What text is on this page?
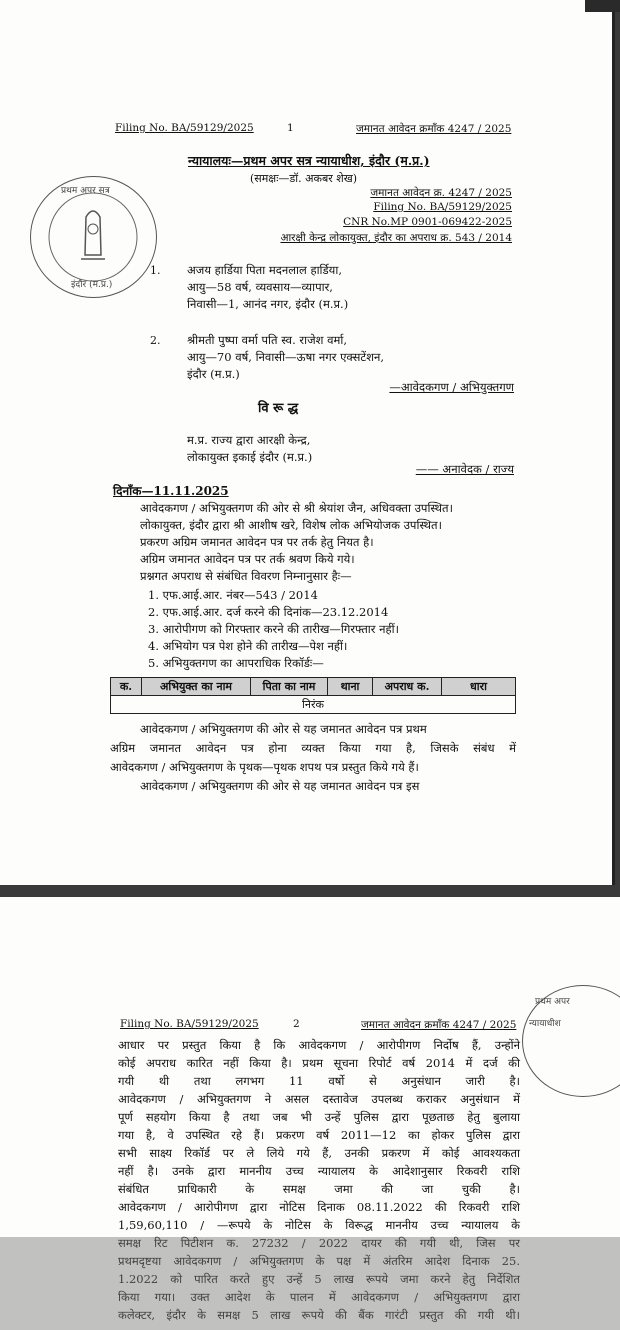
Filing No. BA/59129/2025	1	जमानत आवेदन क्रमाँक 4247 / 2025
न्यायालयः—प्रथम अपर सत्र न्यायाधीश, इंदौर (म.प्र.)
(समक्षः—डॉ. अकबर शेख)
जमानत आवेदन क्र. 4247 / 2025
Filing No. BA/59129/2025
CNR No.MP 0901-069422-2025
आरक्षी केन्द्र लोकायुक्त, इंदौर का अपराध क्र. 543 / 2014
प्रथम अपर सत्र
इंदौर (म.प्र.)
1. अजय हार्डिया पिता मदनलाल हार्डिया,
आयु—58 वर्ष, व्यवसाय—व्यापार,
निवासी—1, आनंद नगर, इंदौर (म.प्र.)
2. श्रीमती पुष्पा वर्मा पति स्व. राजेश वर्मा,
आयु—70 वर्ष, निवासी—ऊषा नगर एक्सटेंशन,
इंदौर (म.प्र.)
—आवेदकगण / अभियुक्तगण
वि रू द्ध
म.प्र. राज्य द्वारा आरक्षी केन्द्र,
लोकायुक्त इकाई इंदौर (म.प्र.)
—— अनावेदक / राज्य
दिनाँक—11.11.2025
आवेदकगण / अभियुक्तगण की ओर से श्री श्रेयांश जैन, अधिवक्ता उपस्थित।
लोकायुक्त, इंदौर द्वारा श्री आशीष खरे, विशेष लोक अभियोजक उपस्थित।
प्रकरण अग्रिम जमानत आवेदन पत्र पर तर्क हेतु नियत है।
अग्रिम जमानत आवेदन पत्र पर तर्क श्रवण किये गये।
प्रश्नगत अपराध से संबंधित विवरण निम्नानुसार हैः—
1. एफ.आई.आर. नंबर—543 / 2014
2. एफ.आई.आर. दर्ज करने की दिनांक—23.12.2014
3. आरोपीगण को गिरफ्तार करने की तारीख—गिरफ्तार नहीं।
4. अभियोग पत्र पेश होने की तारीख—पेश नहीं।
5. अभियुक्तगण का आपराधिक रिकॉर्डः—
क.	अभियुक्त का नाम	पिता का नाम	थाना	अपराध क.	धारा
निरंक
आवेदकगण / अभियुक्तगण की ओर से यह जमानत आवेदन पत्र प्रथम
अग्रिम जमानत आवेदन पत्र होना व्यक्त किया गया है, जिसके संबंध में
आवेदकगण / अभियुक्तगण के पृथक—पृथक शपथ पत्र प्रस्तुत किये गये हैं।
आवेदकगण / अभियुक्तगण की ओर से यह जमानत आवेदन पत्र इस
Filing No. BA/59129/2025	2	जमानत आवेदन क्रमाँक 4247 / 2025
प्रथम अपर
न्यायाधीश
आधार पर प्रस्तुत किया है कि आवेदकगण / आरोपीगण निर्दोष हैं, उन्होंने
कोई अपराध कारित नहीं किया है। प्रथम सूचना रिपोर्ट वर्ष 2014 में दर्ज की
गयी थी तथा लगभग 11 वर्षो से अनुसंधान जारी है।
आवेदकगण / अभियुक्तगण ने असल दस्तावेज उपलब्ध कराकर अनुसंधान में
पूर्ण सहयोग किया है तथा जब भी उन्हें पुलिस द्वारा पूछताछ हेतु बुलाया
गया है, वे उपस्थित रहे हैं। प्रकरण वर्ष 2011—12 का होकर पुलिस द्वारा
सभी साक्ष्य रिकॉर्ड पर ले लिये गये हैं, उनकी प्रकरण में कोई आवश्यकता
नहीं है। उनके द्वारा माननीय उच्च न्यायालय के आदेशानुसार रिकवरी राशि
संबंधित प्राधिकारी के समक्ष जमा की जा चुकी है।
आवेदकगण / आरोपीगण द्वारा नोटिस दिनाक 08.11.2022 की रिकवरी राशि
1,59,60,110 / —रूपये के नोटिस के विरूद्ध माननीय उच्च न्यायालय के
समक्ष रिट पिटीशन क. 27232 / 2022 दायर की गयी थी, जिस पर
प्रथमदृष्टया आवेदकगण / अभियुक्तगण के पक्ष में अंतरिम आदेश दिनाक 25.
1.2022 को पारित करते हुए उन्हें 5 लाख रूपये जमा करने हेतु निर्देशित
किया गया। उक्त आदेश के पालन में आवेदकगण / अभियुक्तगण द्वारा
कलेक्टर, इंदौर के समक्ष 5 लाख रूपये की बैंक गारंटी प्रस्तुत की गयी थी।
